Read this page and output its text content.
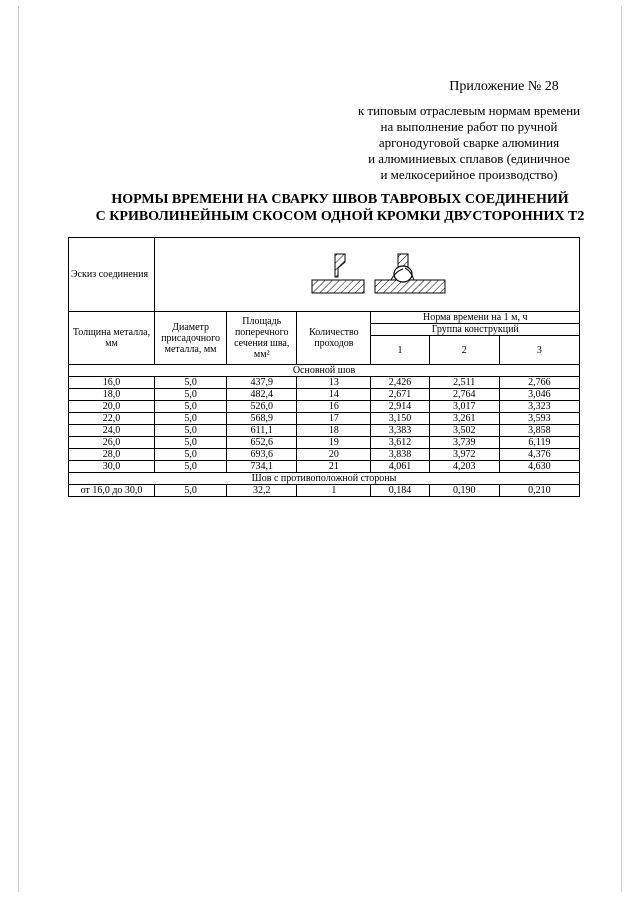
Приложение № 28
к типовым отраслевым нормам времени
на выполнение работ по ручной
аргонодуговой сварке алюминия
и алюминиевых сплавов (единичное
и мелкосерийное производство)
НОРМЫ ВРЕМЕНИ НА СВАРКУ ШВОВ ТАВРОВЫХ СОЕДИНЕНИЙ
С КРИВОЛИНЕЙНЫМ СКОСОМ ОДНОЙ КРОМКИ ДВУСТОРОННИХ Т2
Эскиз соединения	

Толщина металла, мм	Диаметр присадочного металла, мм	Площадь поперечного сечения шва, мм²	Количество проходов	Норма времени на 1 м, ч		
				Группа конструкций		
				1	2	3
Основной шов						
16,0	5,0	437,9	13	2,426	2,511	2,766
18,0	5,0	482,4	14	2,671	2,764	3,046
20,0	5,0	526,0	16	2,914	3,017	3,323
22,0	5,0	568,9	17	3,150	3,261	3,593
24,0	5,0	611,1	18	3,383	3,502	3,858
26,0	5,0	652,6	19	3,612	3,739	6,119
28,0	5,0	693,6	20	3,838	3,972	4,376
30,0	5,0	734,1	21	4,061	4,203	4,630
Шов с противоположной стороны						
от 16,0 до 30,0	5,0	32,2	1	0,184	0,190	0,210
